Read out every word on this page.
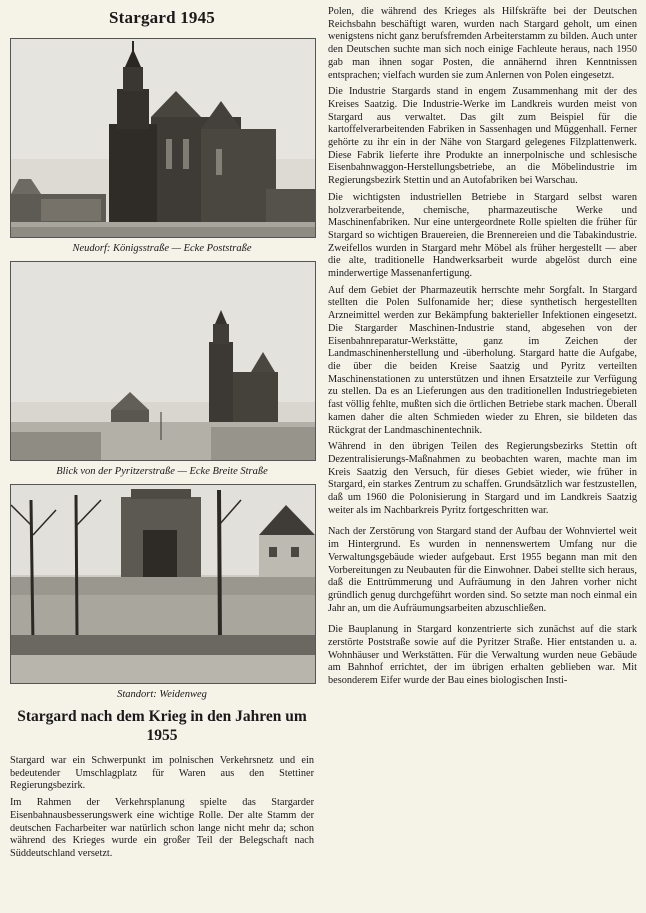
Stargard 1945
Neudorf: Königsstraße — Ecke Poststraße
Blick von der Pyritzerstraße — Ecke Breite Straße
Standort: Weidenweg
Stargard nach dem Krieg in den Jahren um 1955

Stargard war ein Schwerpunkt im polnischen Verkehrsnetz und ein bedeutender Umschlagplatz für Waren aus den Stettiner Regierungsbezirk.

Im Rahmen der Verkehrsplanung spielte das Stargarder Eisenbahnausbesserungswerk eine wichtige Rolle. Der alte Stamm der deutschen Facharbeiter war natürlich schon lange nicht mehr da; schon während des Krieges wurde ein großer Teil der Belegschaft nach Süddeutschland versetzt.

Polen, die während des Krieges als Hilfskräfte bei der Deutschen Reichsbahn beschäftigt waren, wurden nach Stargard geholt, um einen wenigstens nicht ganz berufsfremden Arbeiterstamm zu bilden. Auch unter den Deutschen suchte man sich noch einige Fachleute heraus, nach 1950 gab man ihnen sogar Posten, die annähernd ihren Kenntnissen entsprachen; vielfach wurden sie zum Anlernen von Polen eingesetzt.

Die Industrie Stargards stand in engem Zusammenhang mit der des Kreises Saatzig. Die Industrie-Werke im Landkreis wurden meist von Stargard aus verwaltet. Das gilt zum Beispiel für die kartoffelverarbeitenden Fabriken in Sassenhagen und Müggenhall. Ferner gehörte zu ihr ein in der Nähe von Stargard gelegenes Filzplattenwerk. Diese Fabrik lieferte ihre Produkte an innerpolnische und schlesische Eisenbahnwaggon-Herstellungsbetriebe, an die Möbelindustrie im Regierungsbezirk Stettin und an Autofabriken bei Warschau.

Die wichtigsten industriellen Betriebe in Stargard selbst waren holzverarbeitende, chemische, pharmazeutische Werke und Maschinenfabriken. Nur eine untergeordnete Rolle spielten die früher für Stargard so wichtigen Brauereien, die Brennereien und die Tabakindustrie. Zweifellos wurden in Stargard mehr Möbel als früher hergestellt — aber die alte, traditionelle Handwerksarbeit wurde abgelöst durch eine minderwertige Massenanfertigung.

Auf dem Gebiet der Pharmazeutik herrschte mehr Sorgfalt. In Stargard stellten die Polen Sulfonamide her; diese synthetisch hergestellten Arzneimittel werden zur Bekämpfung bakterieller Infektionen eingesetzt. Die Stargarder Maschinen-Industrie stand, abgesehen von der Eisenbahnreparatur-Werkstätte, ganz im Zeichen der Landmaschinenherstellung und -überholung. Stargard hatte die Aufgabe, die über die beiden Kreise Saatzig und Pyritz verteilten Maschinenstationen zu unterstützen und ihnen Ersatzteile zur Verfügung zu stellen. Da es an Lieferungen aus den traditionellen Industriegebieten fast völlig fehlte, mußten sich die örtlichen Betriebe stark machen. Überall kamen daher die alten Schmieden wieder zu Ehren, sie bildeten das Rückgrat der Landmaschinentechnik.

Während in den übrigen Teilen des Regierungsbezirks Stettin oft Dezentralisierungs-Maßnahmen zu beobachten waren, machte man im Kreis Saatzig den Versuch, für dieses Gebiet wieder, wie früher in Stargard, ein starkes Zentrum zu schaffen. Grundsätzlich war festzustellen, daß um 1960 die Polonisierung in Stargard und im Landkreis Saatzig weiter als im Nachbarkreis Pyritz fortgeschritten war.

Nach der Zerstörung von Stargard stand der Aufbau der Wohnviertel weit im Hintergrund. Es wurden in nennenswertem Umfang nur die Verwaltungsgebäude wieder aufgebaut. Erst 1955 begann man mit den Vorbereitungen zu Neubauten für die Einwohner. Dabei stellte sich heraus, daß die Enttrümmerung und Aufräumung in den Jahren vorher nicht gründlich genug durchgeführt worden sind. So setzte man noch einmal ein Jahr an, um die Aufräumungsarbeiten abzuschließen.

Die Bauplanung in Stargard konzentrierte sich zunächst auf die stark zerstörte Poststraße sowie auf die Pyritzer Straße. Hier entstanden u. a. Wohnhäuser und Werkstätten. Für die Verwaltung wurden neue Gebäude am Bahnhof errichtet, der im übrigen erhalten geblieben war. Mit besonderem Eifer wurde der Bau eines biologischen Insti-
